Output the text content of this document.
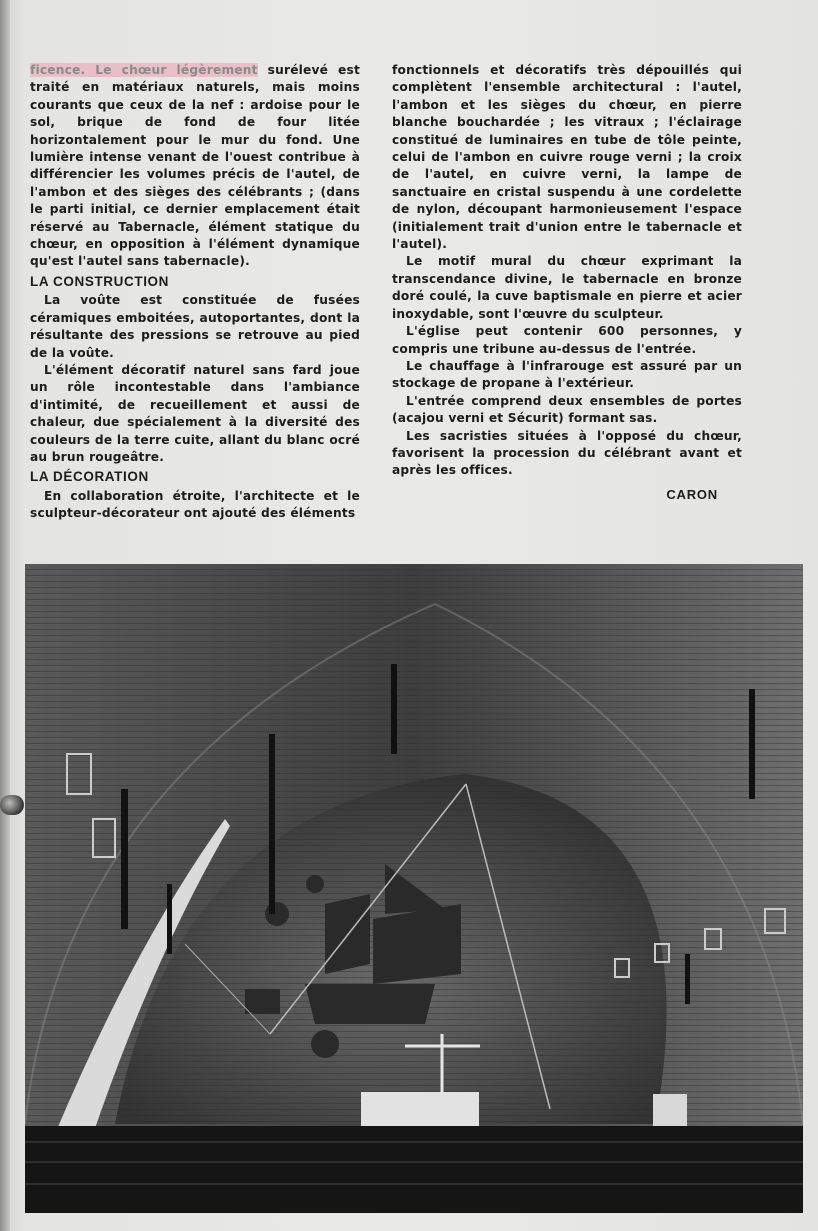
ficence. Le chœur légèrement surélevé est traité en matériaux naturels, mais moins courants que ceux de la nef : ardoise pour le sol, brique de fond de four litée horizontalement pour le mur du fond. Une lumière intense venant de l'ouest contribue à différencier les volumes précis de l'autel, de l'ambon et des sièges des célébrants ; (dans le parti initial, ce dernier emplacement était réservé au Tabernacle, élément statique du chœur, en opposition à l'élément dynamique qu'est l'autel sans tabernacle).

LA CONSTRUCTION

La voûte est constituée de fusées céramiques emboitées, autoportantes, dont la résultante des pressions se retrouve au pied de la voûte.

L'élément décoratif naturel sans fard joue un rôle incontestable dans l'ambiance d'intimité, de recueillement et aussi de chaleur, due spécialement à la diversité des couleurs de la terre cuite, allant du blanc ocré au brun rougeâtre.

LA DÉCORATION

En collaboration étroite, l'architecte et le sculpteur-décorateur ont ajouté des éléments

fonctionnels et décoratifs très dépouillés qui complètent l'ensemble architectural : l'autel, l'ambon et les sièges du chœur, en pierre blanche bouchardée ; les vitraux ; l'éclairage constitué de luminaires en tube de tôle peinte, celui de l'ambon en cuivre rouge verni ; la croix de l'autel, en cuivre verni, la lampe de sanctuaire en cristal suspendu à une cordelette de nylon, découpant harmonieusement l'espace (initialement trait d'union entre le tabernacle et l'autel).

Le motif mural du chœur exprimant la transcendance divine, le tabernacle en bronze doré coulé, la cuve baptismale en pierre et acier inoxydable, sont l'œuvre du sculpteur.

L'église peut contenir 600 personnes, y compris une tribune au-dessus de l'entrée.

Le chauffage à l'infrarouge est assuré par un stockage de propane à l'extérieur.

L'entrée comprend deux ensembles de portes (acajou verni et Sécurit) formant sas.

Les sacristies situées à l'opposé du chœur, favorisent la procession du célébrant avant et après les offices.

CARON
